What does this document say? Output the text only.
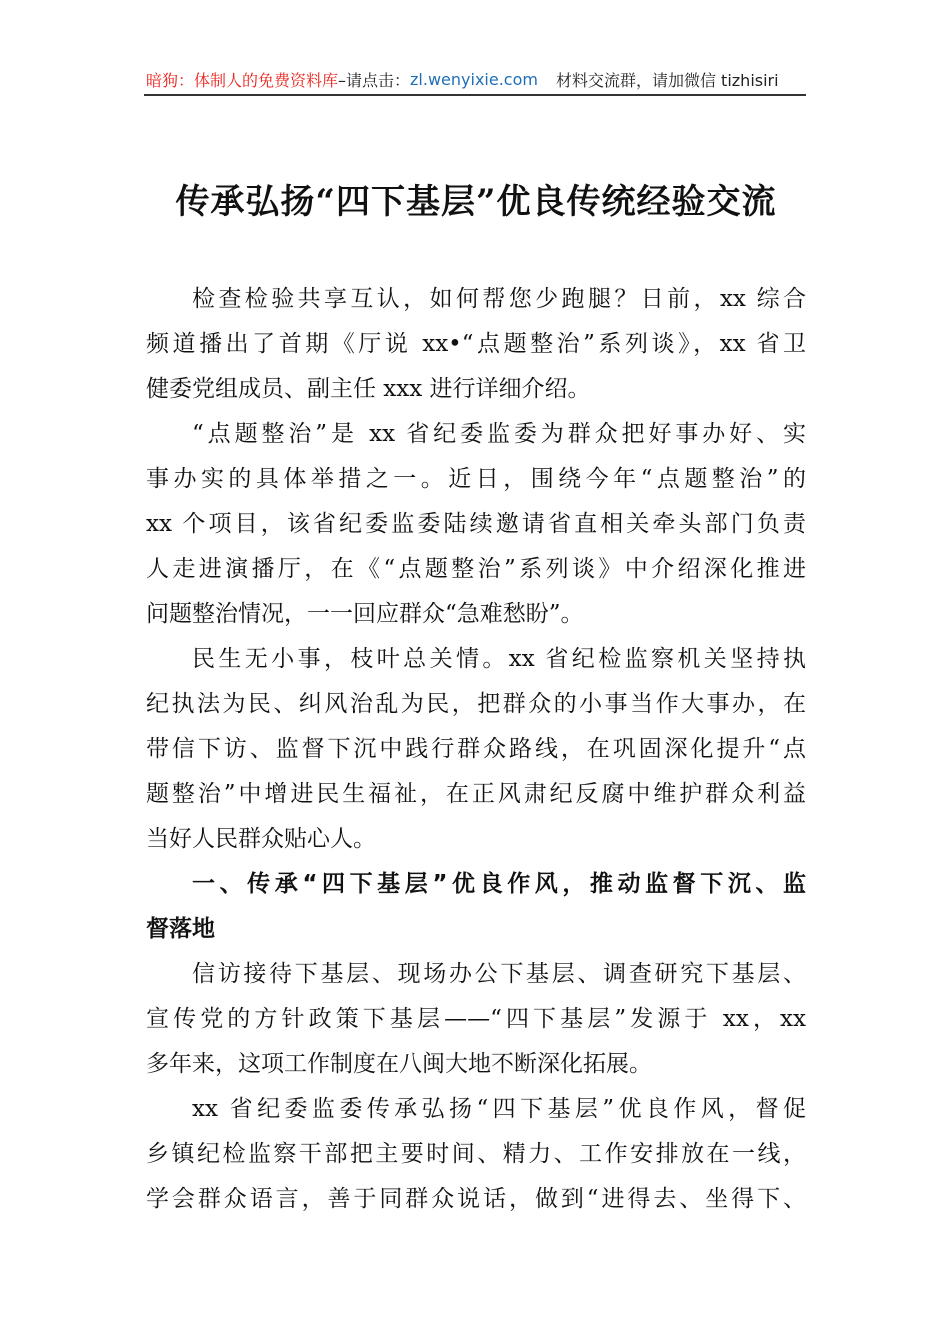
暗狗：体制人的免费资料库 –请点击： zl.wenyixie.com 材料交流群，请加微信 tizhisiri
传承弘扬“四下基层”优良传统经验交流
检查检验共享互认，如何帮您少跑腿？日前，xx 综合
频道播出了首期《厅说 xx•“点题整治”系列谈》，xx 省卫
健委党组成员、副主任 xxx 进行详细介绍。
“点题整治”是 xx 省纪委监委为群众把好事办好、实
事办实的具体举措之一。近日，围绕今年“点题整治”的
xx 个项目，该省纪委监委陆续邀请省直相关牵头部门负责
人走进演播厅，在《“点题整治”系列谈》中介绍深化推进
问题整治情况，一一回应群众“急难愁盼”。
民生无小事，枝叶总关情。xx 省纪检监察机关坚持执
纪执法为民、纠风治乱为民，把群众的小事当作大事办，在
带信下访、监督下沉中践行群众路线，在巩固深化提升“点
题整治”中增进民生福祉，在正风肃纪反腐中维护群众利益
当好人民群众贴心人。
一、传承“四下基层”优良作风，推动监督下沉、监
督落地
信访接待下基层、现场办公下基层、调查研究下基层、
宣传党的方针政策下基层——“四下基层”发源于 xx，xx
多年来，这项工作制度在八闽大地不断深化拓展。
xx 省纪委监委传承弘扬“四下基层”优良作风，督促
乡镇纪检监察干部把主要时间、精力、工作安排放在一线，
学会群众语言，善于同群众说话，做到“进得去、坐得下、
